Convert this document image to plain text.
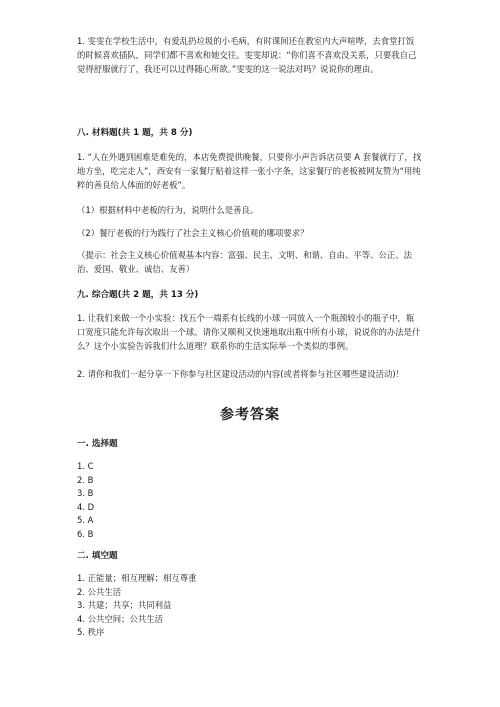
1. 雯雯在学校生活中，有爱乱扔垃圾的小毛病，有时课间还在教室内大声喧哗，去食堂打饭的时候喜欢插队，同学们都不喜欢和她交往。雯雯却说：“你们喜不喜欢没关系，只要我自己觉得舒服就行了，我还可以过得随心所欲。”雯雯的这一说法对吗？说说你的理由。
八. 材料题(共 1 题，共 8 分)
1. “人在外遇到困难是难免的，本店免费提供晚餐，只要你小声告诉店员要 A 套餐就行了，找地方坐，吃完走人”，西安有一家餐厅贴着这样一张小字条，这家餐厅的老板被网友赞为“用纯粹的善良给人体面的好老板”。
（1）根据材料中老板的行为，说明什么是善良。
（2）餐厅老板的行为践行了社会主义核心价值观的哪项要求？
（提示：社会主义核心价值观基本内容：富强、民主、文明、和谐、自由、平等、公正、法治、爱国、敬业、诚信、友善）
九. 综合题(共 2 题，共 13 分)
1. 让我们来做一个小实验：找五个一端系有长线的小球一同放入一个瓶颈较小的瓶子中，瓶口宽度只能允许每次取出一个球。请你又顺利又快速地取出瓶中所有小球，说说你的办法是什么？这个小实验告诉我们什么道理？联系你的生活实际举一个类似的事例。
2. 请你和我们一起分享一下你参与社区建设活动的内容(或者将参与社区哪些建设活动)！
参考答案
一. 选择题
1. C
2. B
3. B
4. D
5. A
6. B
二. 填空题
1. 正能量；相互理解；相互尊重
2. 公共生活
3. 共建；共享；共同利益
4. 公共空间；公共生活
5. 秩序
